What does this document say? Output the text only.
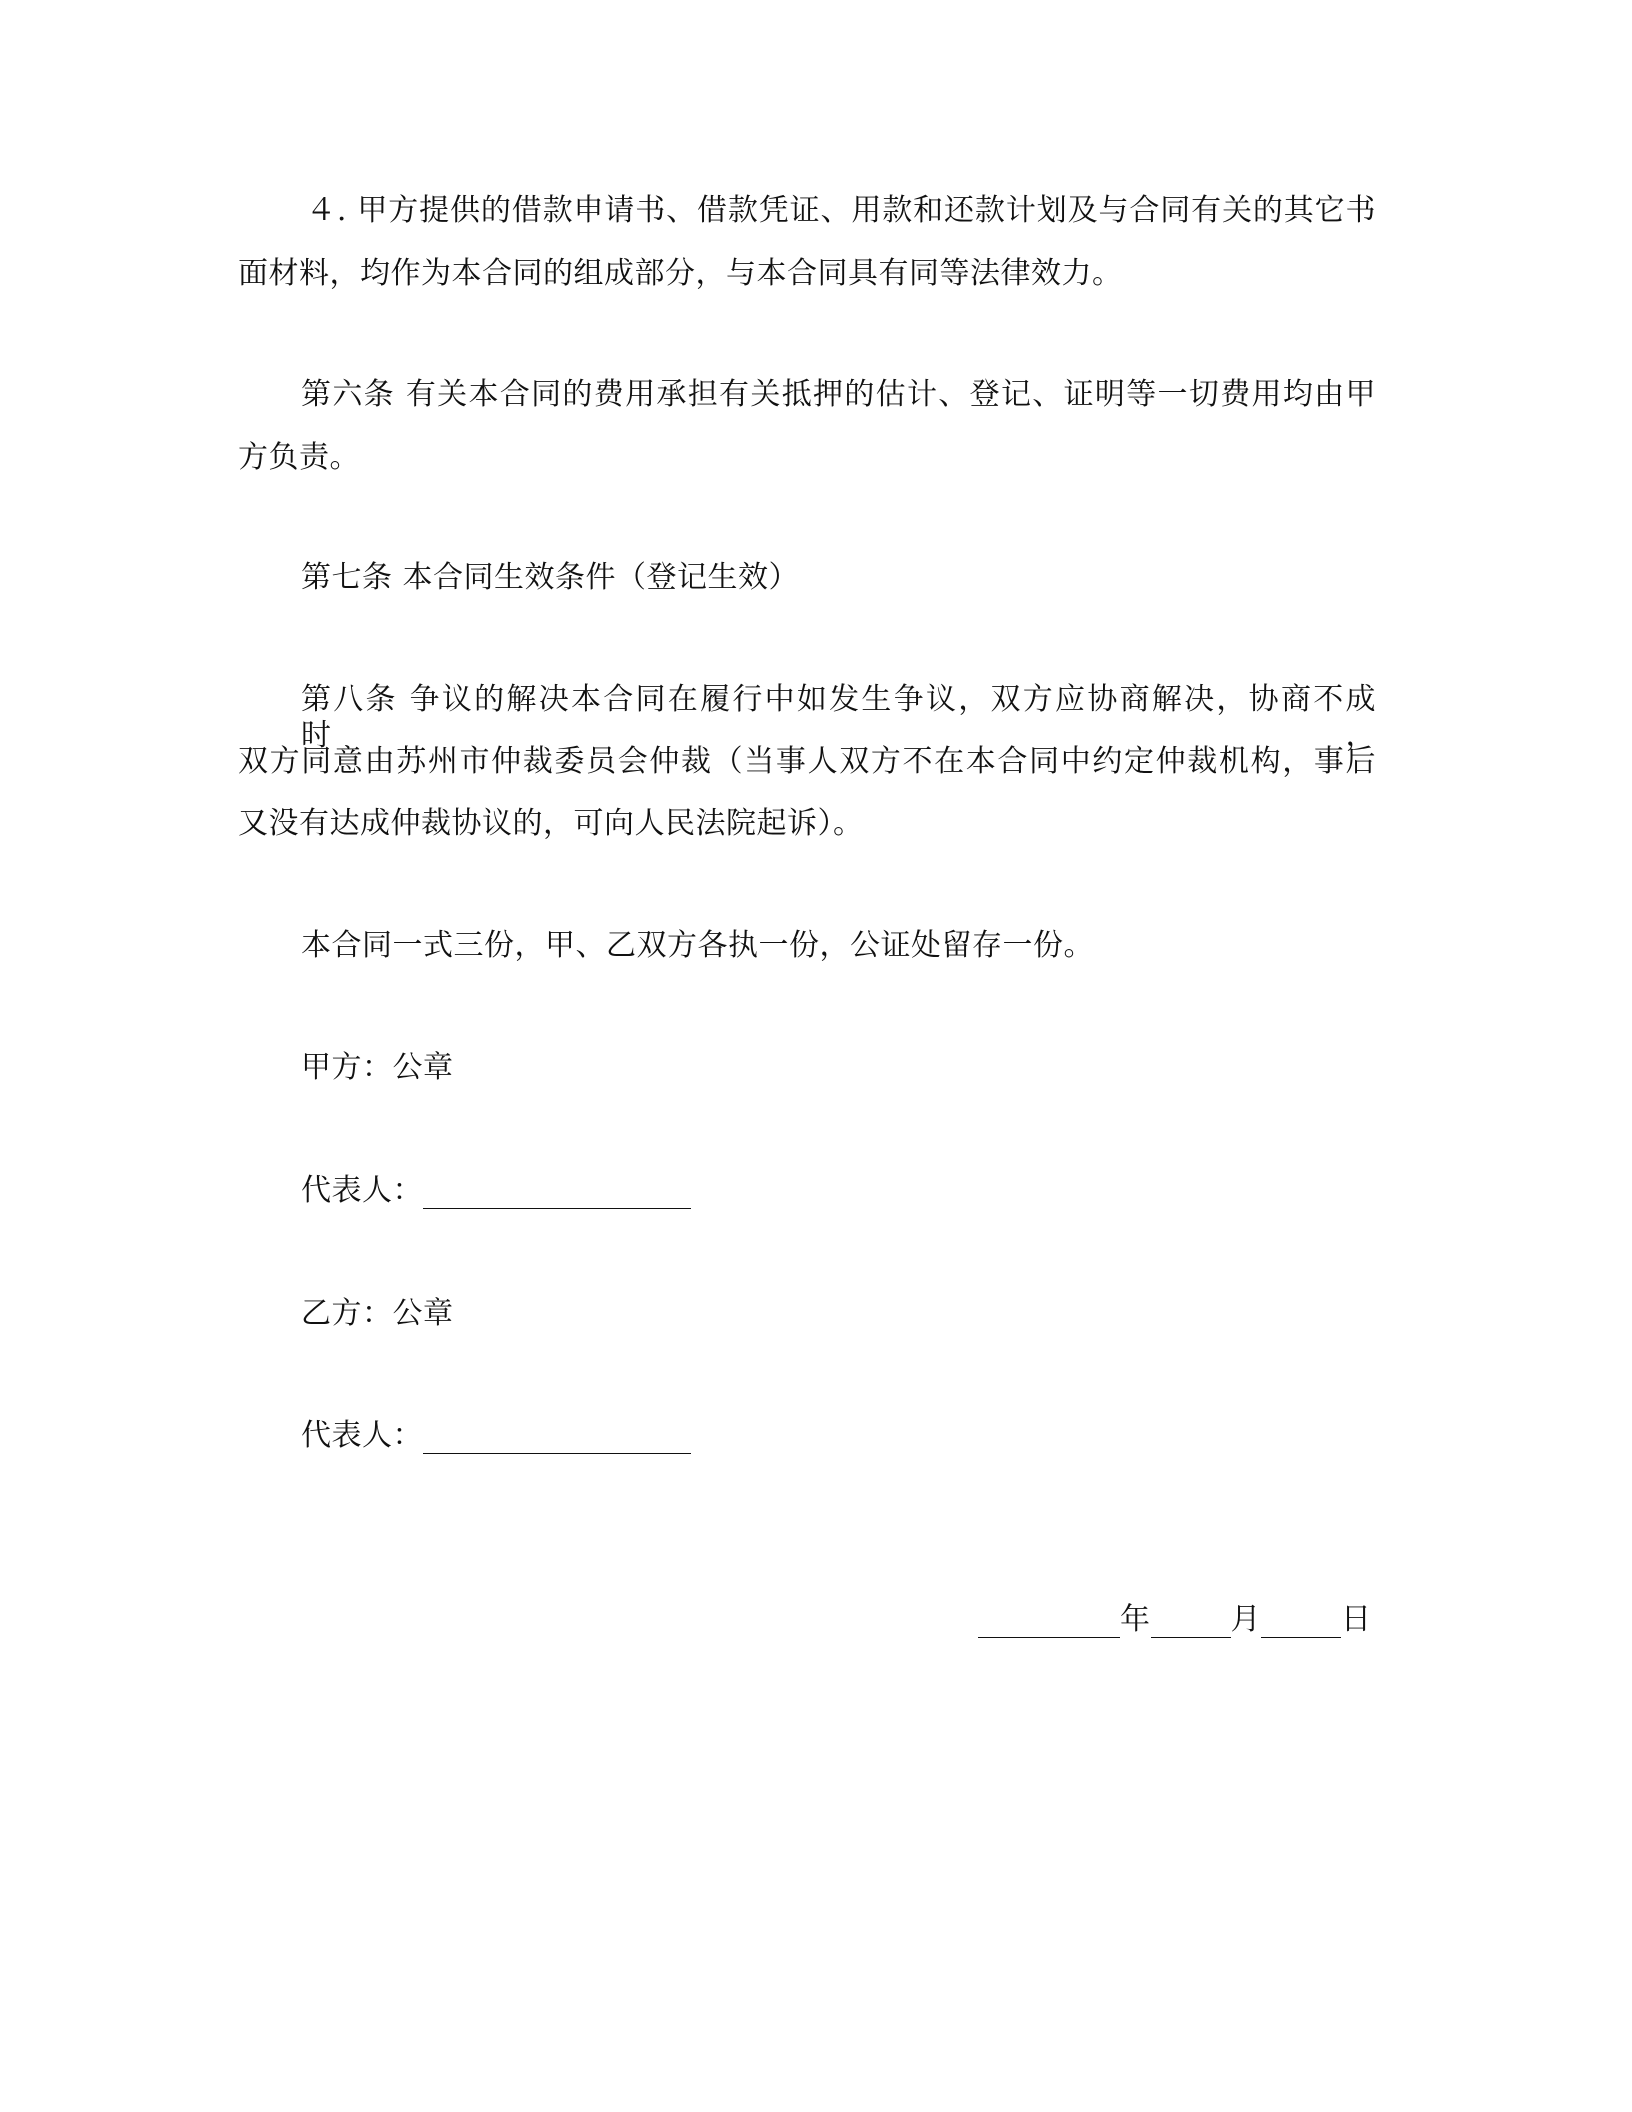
４. 甲方提供的借款申请书、借款凭证、用款和还款计划及与合同有关的其它书
面材料，均作为本合同的组成部分，与本合同具有同等法律效力。
第六条 有关本合同的费用承担有关抵押的估计、登记、证明等一切费用均由甲
方负责。
第七条 本合同生效条件（登记生效）
第八条 争议的解决本合同在履行中如发生争议，双方应协商解决，协商不成时，
双方同意由苏州市仲裁委员会仲裁（当事人双方不在本合同中约定仲裁机构，事后
又没有达成仲裁协议的，可向人民法院起诉）。
本合同一式三份，甲、乙双方各执一份，公证处留存一份。
甲方：公章
代表人：
乙方：公章
代表人：
年	月	日
